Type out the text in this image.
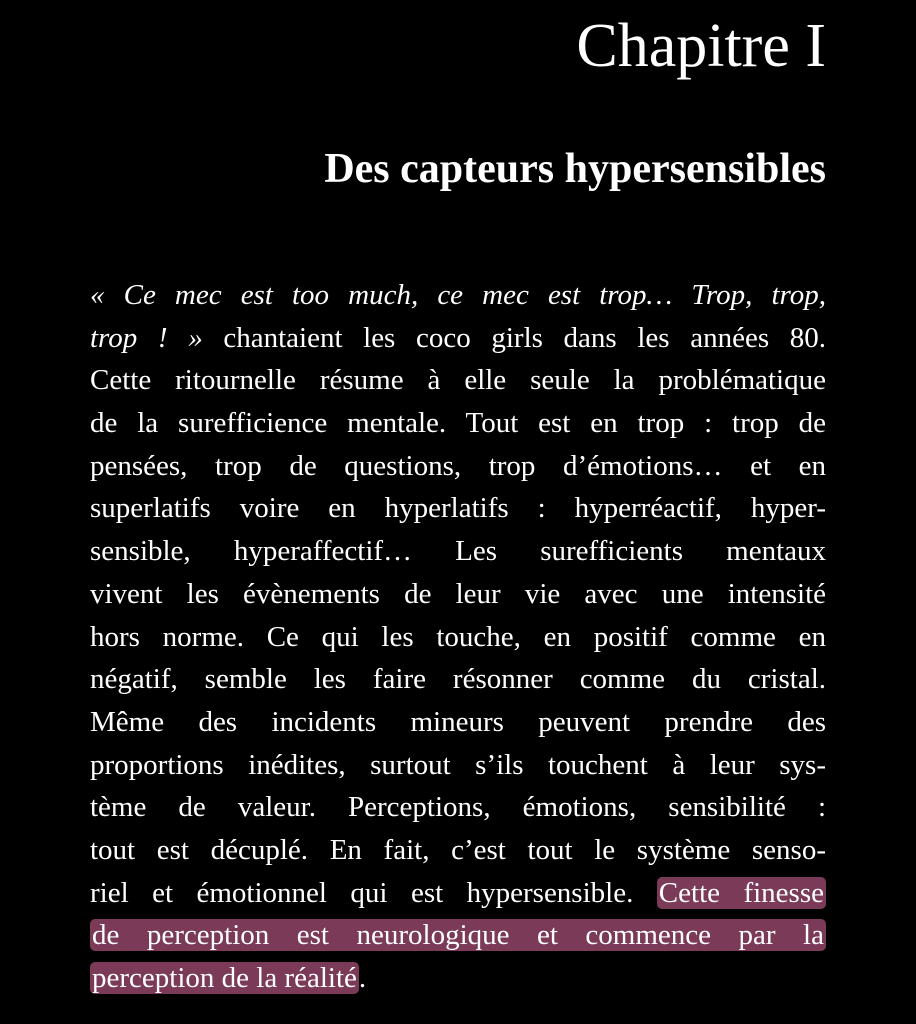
Chapitre I
Des capteurs hypersensibles
« Ce mec est too much, ce mec est trop… Trop, trop,
trop ! » chantaient les coco girls dans les années 80.
Cette ritournelle résume à elle seule la problématique
de la surefficience mentale. Tout est en trop : trop de
pensées, trop de questions, trop d’émotions… et en
superlatifs voire en hyperlatifs : hyperréactif, hyper-
sensible, hyperaffectif… Les surefficients mentaux
vivent les évènements de leur vie avec une intensité
hors norme. Ce qui les touche, en positif comme en
négatif, semble les faire résonner comme du cristal.
Même des incidents mineurs peuvent prendre des
proportions inédites, surtout s’ils touchent à leur sys-
tème de valeur. Perceptions, émotions, sensibilité :
tout est décuplé. En fait, c’est tout le système senso-
riel et émotionnel qui est hypersensible. Cette finesse
de perception est neurologique et commence par la
perception de la réalité.
